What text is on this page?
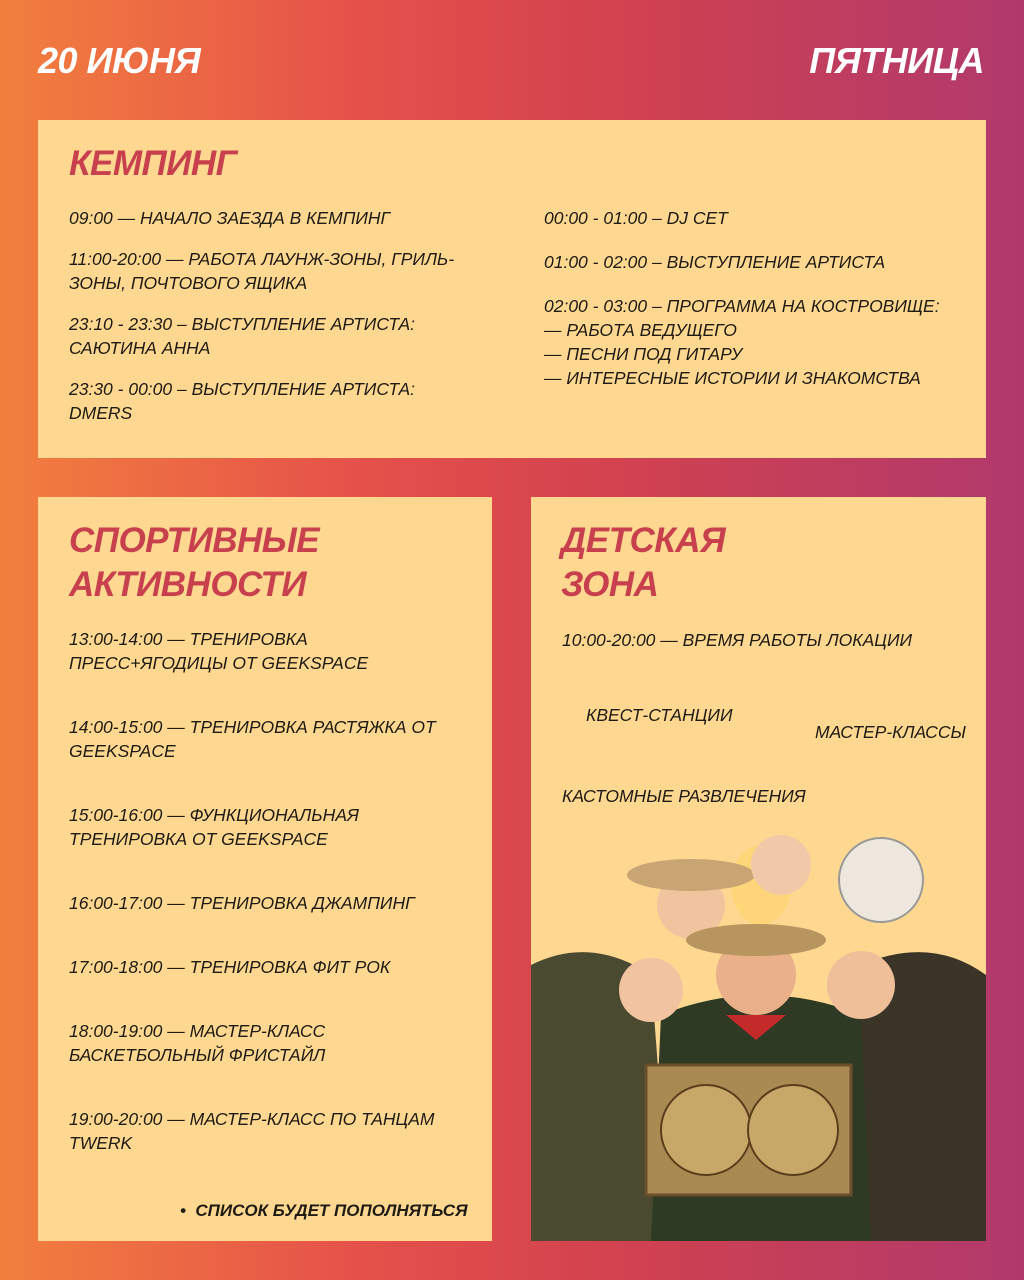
20 ИЮНЯ	ПЯТНИЦА
КЕМПИНГ
09:00 — НАЧАЛО ЗАЕЗДА В КЕМПИНГ
11:00-20:00 — РАБОТА ЛАУНЖ-ЗОНЫ, ГРИЛЬ-
ЗОНЫ, ПОЧТОВОГО ЯЩИКА
23:10 - 23:30 – ВЫСТУПЛЕНИЕ АРТИСТА:
САЮТИНА АННА
23:30 - 00:00 – ВЫСТУПЛЕНИЕ АРТИСТА:
DMERS
00:00 - 01:00 – DJ CET
01:00 - 02:00 – ВЫСТУПЛЕНИЕ АРТИСТА
02:00 - 03:00 – ПРОГРАММА НА КОСТРОВИЩЕ:
— РАБОТА ВЕДУЩЕГО
— ПЕСНИ ПОД ГИТАРУ
— ИНТЕРЕСНЫЕ ИСТОРИИ И ЗНАКОМСТВА
СПОРТИВНЫЕ
АКТИВНОСТИ
13:00-14:00 — ТРЕНИРОВКА
ПРЕСС+ЯГОДИЦЫ ОТ GEEKSPACE
14:00-15:00 — ТРЕНИРОВКА РАСТЯЖКА ОТ
GEEKSPACE
15:00-16:00 — ФУНКЦИОНАЛЬНАЯ
ТРЕНИРОВКА ОТ GEEKSPACE
16:00-17:00 — ТРЕНИРОВКА ДЖАМПИНГ
17:00-18:00 — ТРЕНИРОВКА ФИТ РОК
18:00-19:00 — МАСТЕР-КЛАСС
БАСКЕТБОЛЬНЫЙ ФРИСТАЙЛ
19:00-20:00 — МАСТЕР-КЛАСС ПО ТАНЦАМ
TWERK
•  СПИСОК БУДЕТ ПОПОЛНЯТЬСЯ
ДЕТСКАЯ
ЗОНА
10:00-20:00 — ВРЕМЯ РАБОТЫ ЛОКАЦИИ
КВЕСТ-СТАНЦИИ
МАСТЕР-КЛАССЫ
КАСТОМНЫЕ РАЗВЛЕЧЕНИЯ
